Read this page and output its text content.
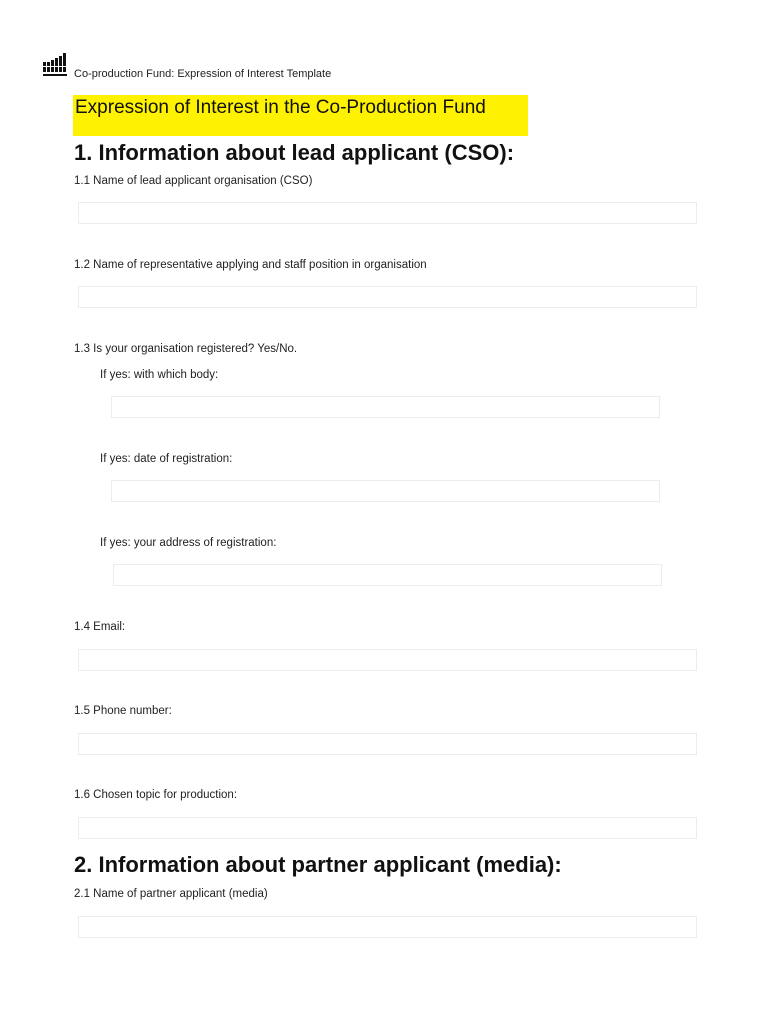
Co-production Fund: Expression of Interest Template
Expression of Interest in the Co-Production Fund
1. Information about lead applicant (CSO):
1.1 Name of lead applicant organisation (CSO)
1.2 Name of representative applying and staff position in organisation
1.3 Is your organisation registered? Yes/No.
If yes: with which body:
If yes: date of registration:
If yes: your address of registration:
1.4 Email:
1.5 Phone number:
1.6 Chosen topic for production:
2. Information about partner applicant (media):
2.1 Name of partner applicant (media)
